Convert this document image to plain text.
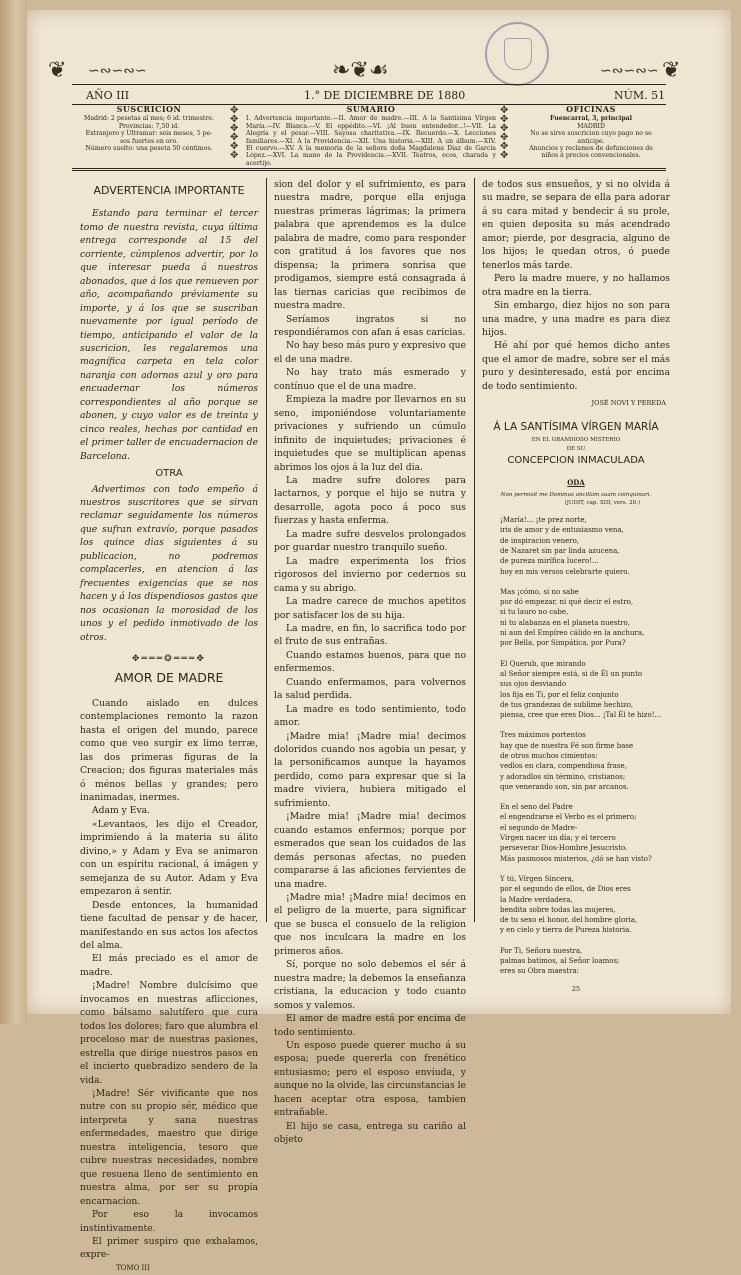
❦ ∽∾∽∾∽	❧❦☙	∽∾∽∾∽ ❦
AÑO III	1.° DE DICIEMBRE DE 1880	NÚM. 51
SUSCRICION
Madrid: 2 pesetas al mes; 6 id. trimestre.
Provincias: 7,50 id.
Extranjero y Ultramar: seis meses, 5 pe-
sos fuertes en oro.
Número suelto: una peseta 50 céntimos.
✥
✥
✥
✥
✥
✥
SUMARIO
I. Advertencia importante.—II. Amor de madre.—III. A la Santísima Vírgen María.—IV. Blanca.—V. El eppédito.—VI. ¡Al buen entendedor...!—VII. La Alegría y el pesar.—VIII. Sayosa charitativa.—IX. Recuerdo.—X. Lecciones familiares.—XI. A la Providencia.—XII. Una historia.—XIII. A un álbum.—XIV. El cuervo.—XV. A la memoria de la señora doña Magdalena Diaz de García López.—XVI. La mano de la Providencia.—XVII. Teatros, ecos, charada y acertijo.
✥
✥
✥
✥
✥
✥
OFICINAS
Fuencarral, 3, principal
MADRID
No se sirve suscricion cuyo pago no se anticipe.
Anuncios y reclamos de defunciones de
niños á precios convencionales.
ADVERTENCIA IMPORTANTE

Estando para terminar el tercer tomo de nuestra revista, cuya última entrega corresponde al 15 del corriente, cúmplenos advertir, por lo que interesar pueda á nuestros abonados, que á los que renueven por año, acompañando préviamente su importe, y á los que se suscriban nuevamente por igual período de tiempo, anticipando el valor de la suscricion, les regalaremos una magnífica carpeta en tela color naranja con adornos azul y oro para encuadernar los números correspondientes al año porque se abonen, y cuyo valor es de treinta y cinco reales, hechas por cantidad en el primer taller de encuadernacion de Barcelona.

OTRA

Advertimos con todo empeño á nuestros suscritores que se sirvan reclamar seguidamente los números que sufran extravío, porque pasados los quince dias siguientes á su publicacion, no podremos complacerles, en atencion á las frecuentes exigencias que se nos hacen y á los dispendiosos gastos que nos ocasionan la morosidad de los unos y el pedido inmotivado de los otros.

✥═══❂═══✥
AMOR DE MADRE

Cuando aislado en dulces contemplaciones remonto la razon hasta el origen del mundo, parece como que veo surgir ex limo terræ, las dos primeras figuras de la Creacion; dos figuras materiales más ó ménos bellas y grandes; pero inanimadas, inermes.

Adam y Eva.

«Levantaos, les dijo el Creador, imprimiendo á la materia su álito divino,» y Adam y Eva se animaron con un espíritu racional, á imágen y semejanza de su Autor. Adam y Eva empezaron á sentir.

Desde entonces, la humanidad tiene facultad de pensar y de hacer, manifestando en sus actos los afectos del alma.

El más preciado es el amor de madre.

¡Madre! Nombre dulcísimo que invocamos en nuestras aflicciones, como bálsamo salutífero que cura todos los dolores; faro que alumbra el proceloso mar de nuestras pasiones, estrella que dirige nuestros pasos en el incierto quebradizo sendero de la vida.

¡Madre! Sér vivificante que nos nutre con su propio sér, médico que interpreta y sana nuestras enfermedades, maestro que dirige nuestra inteligencia, tesoro que cubre nuestras necesidades, nombre que resuena lleno de sentimiento en nuestra alma, por ser su propia encarnacion.

Por eso la invocamos instintivamente.

El primer suspiro que exhalamos, expre-

TOMO III

sion del dolor y el sufrimiento, es para nuestra madre, porque ella enjuga nuestras primeras lágrimas; la primera palabra que aprendemos es la dulce palabra de madre, como para responder con gratitud á los favores que nos dispensa; la primera sonrisa que prodigamos, siempre está consagrada á las tiernas caricias que recibimos de nuestra madre.

Seríamos ingratos si no respondiéramos con afan á esas caricias.

No hay beso más puro y expresivo que el de una madre.

No hay trato más esmerado y contínuo que el de una madre.

Empieza la madre por llevarnos en su seno, imponiéndose voluntariamente privaciones y sufriendo un cúmulo infinito de inquietudes; privaciones é inquietudes que se multiplican apenas abrimos los ojos á la luz del dia.

La madre sufre dolores para lactarnos, y porque el hijo se nutra y desarrolle, agota poco á poco sus fuerzas y hasta enferma.

La madre sufre desvelos prolongados por guardar nuestro tranquilo sueño.

La madre experimenta los frios rigorosos del invierno por cedernos su cama y su abrigo.

La madre carece de muchos apetitos por satisfacer los de su hija.

La madre, en fin, lo sacrifica todo por el fruto de sus entrañas.

Cuando estamos buenos, para que no enfermemos.

Cuando enfermamos, para volvernos la salud perdida.

La madre es todo sentimiento, todo amor.

¡Madre mia! ¡Madre mia! decimos doloridos cuando nos agobia un pesar, y la personificamos aunque la hayamos perdido, como para expresar que si la madre viviera, hubiera mitigado el sufrimiento.

¡Madre mia! ¡Madre mia! decimos cuando estamos enfermos; porque por esmerados que sean los cuidados de las demás personas afectas, no pueden compararse á las aficiones fervientes de una madre.

¡Madre mia! ¡Madre mia! decimos en el peligro de la muerte, para significar que se busca el consuelo de la religion que nos inculcara la madre en los primeros años.

Sí, porque no solo debemos el sér á nuestra madre; la debemos la enseñanza cristiana, la educacion y todo cuanto somos y valemos.

El amor de madre está por encima de todo sentimiento.

Un esposo puede querer mucho á su esposa; puede quererla con frenético entusiasmo; pero el esposo enviuda, y aunque no la olvide, las circunstancias le hacen aceptar otra esposa, tambien entrañable.

El hijo se casa, entrega su cariño al objeto

de todos sus ensueños, y si no olvida á su madre, se separa de ella para adorar á su cara mitad y bendecir á su prole, en quien deposita su más acendrado amor; pierde, por desgracia, alguno de los hijos; le quedan otros, ó puede tenerlos más tarde.

Pero la madre muere, y no hallamos otra madre en la tierra.

Sin embargo, diez hijos no son para una madre, y una madre es para diez hijos.

Hé ahí por qué hemos dicho antes que el amor de madre, sobre ser el más puro y desinteresado, está por encima de todo sentimiento.

JOSÉ NOVI Y PEREDA
Á LA SANTÍSIMA VÍRGEN MARÍA
EN EL GRANDIOSO MISTERIO
DE SU
CONCEPCION INMACULADA
ODA
Non permisit me Dominus ancillam suam coinquinari.
(JUDIT, cap. XIII, vers. 20.)
¡María!... ¡te prez norte,
iris de amor y de entusiasmo vena,
de inspiracion venero,
de Nazaret sin par linda azucena,
de pureza mirífica lucero!...
hoy en mis versos celebrarte quiero.
Mas ¡cómo, si no sabe
por dó empezar, ni qué decir el estro,
si tu lauro no cabe,
ni tu alabanza en el planeta nuestro,
ni aun del Empíreo cálido en la anchura,
por Bella, por Simpática, por Pura?
El Querub, que mirando
al Señor siempre está, si de Él un punto
sus ojos desviando
los fija en Ti, por el feliz conjunto
de tus grandezas de sublime hechizo,
piensa, cree que eres Dios... ¡Tal Él te hizo!...
Tres máximos portentos
hay que de nuestra Fé son firme base
de otros muchos cimientos:
vedlos en clara, compendiosa frase,
y adoradlos sin término, cristianos;
que venerando son, sin par arcanos.
En el seno del Padre
el engendrarse el Verbo es el primero;
el segundo de Madre-
Vírgen nacer un día; y el tercero
perseverar Dios-Hombre Jesucristo.
Más pasmosos misterios, ¿dó se han visto?
Y tú, Vírgen Sincera,
por el segundo de ellos, de Dios eres
la Madre verdadera,
bendita sobre todas las mujeres,
de tu sexo el honor, del hombre gloria,
y en cielo y tierra de Pureza historia.
Por Ti, Señora nuestra,
palmas batimos, al Señor loamos;
eres su Obra maestra:
25
